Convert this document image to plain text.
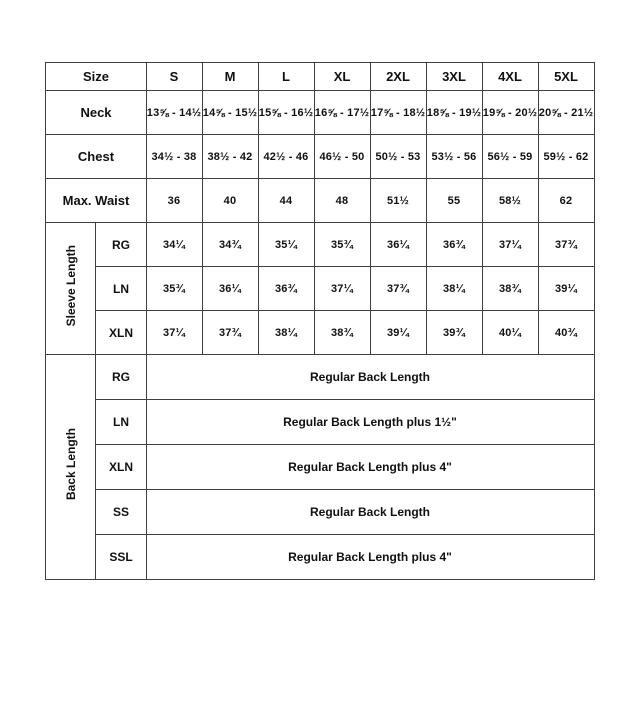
Size		S	M	L	XL	2XL	3XL	4XL	5XL
Neck		13⅝ - 14½	14⅝ - 15½	15⅝ - 16½	16⅝ - 17½	17⅝ - 18½	18⅝ - 19½	19⅝ - 20½	20⅝ - 21½
Chest		34½ - 38	38½ - 42	42½ - 46	46½ - 50	50½ - 53	53½ - 56	56½ - 59	59½ - 62
Max. Waist		36	40	44	48	51½	55	58½	62
Sleeve Length	RG	34¼	34¾	35¼	35¾	36¼	36¾	37¼	37¾
	LN	35¾	36¼	36¾	37¼	37¾	38¼	38¾	39¼
	XLN	37¼	37¾	38¼	38¾	39¼	39¾	40¼	40¾
Back Length	RG	Regular Back Length							
	LN	Regular Back Length plus 1½"							
	XLN	Regular Back Length plus 4"							
	SS	Regular Back Length							
	SSL	Regular Back Length plus 4"							
